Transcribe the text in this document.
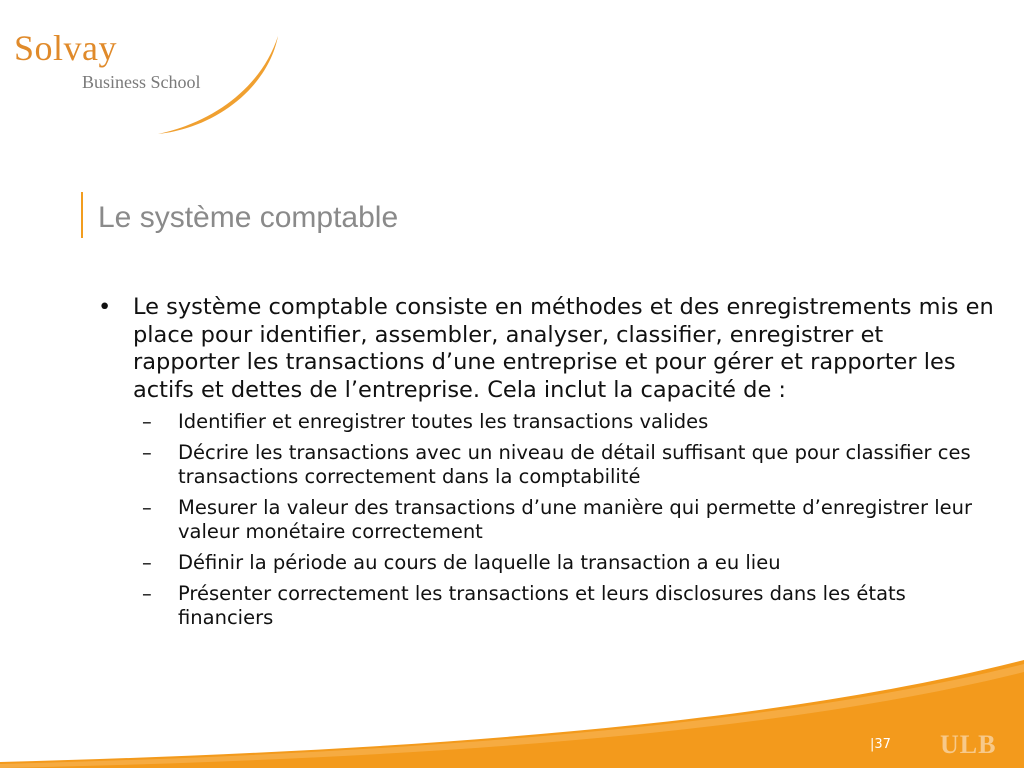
Solvay
Business School
Le système comptable

• Le système comptable consiste en méthodes et des enregistrements mis en place pour identifier, assembler, analyser, classifier, enregistrer et rapporter les transactions d’une entreprise et pour gérer et rapporter les actifs et dettes de l’entreprise. Cela inclut la capacité de :

– Identifier et enregistrer toutes les transactions valides
– Décrire les transactions avec un niveau de détail suffisant que pour classifier ces transactions correctement dans la comptabilité
– Mesurer la valeur des transactions d’une manière qui permette d’enregistrer leur valeur monétaire correctement
– Définir la période au cours de laquelle la transaction a eu lieu
– Présenter correctement les transactions et leurs disclosures dans les états financiers
|37 ULB
